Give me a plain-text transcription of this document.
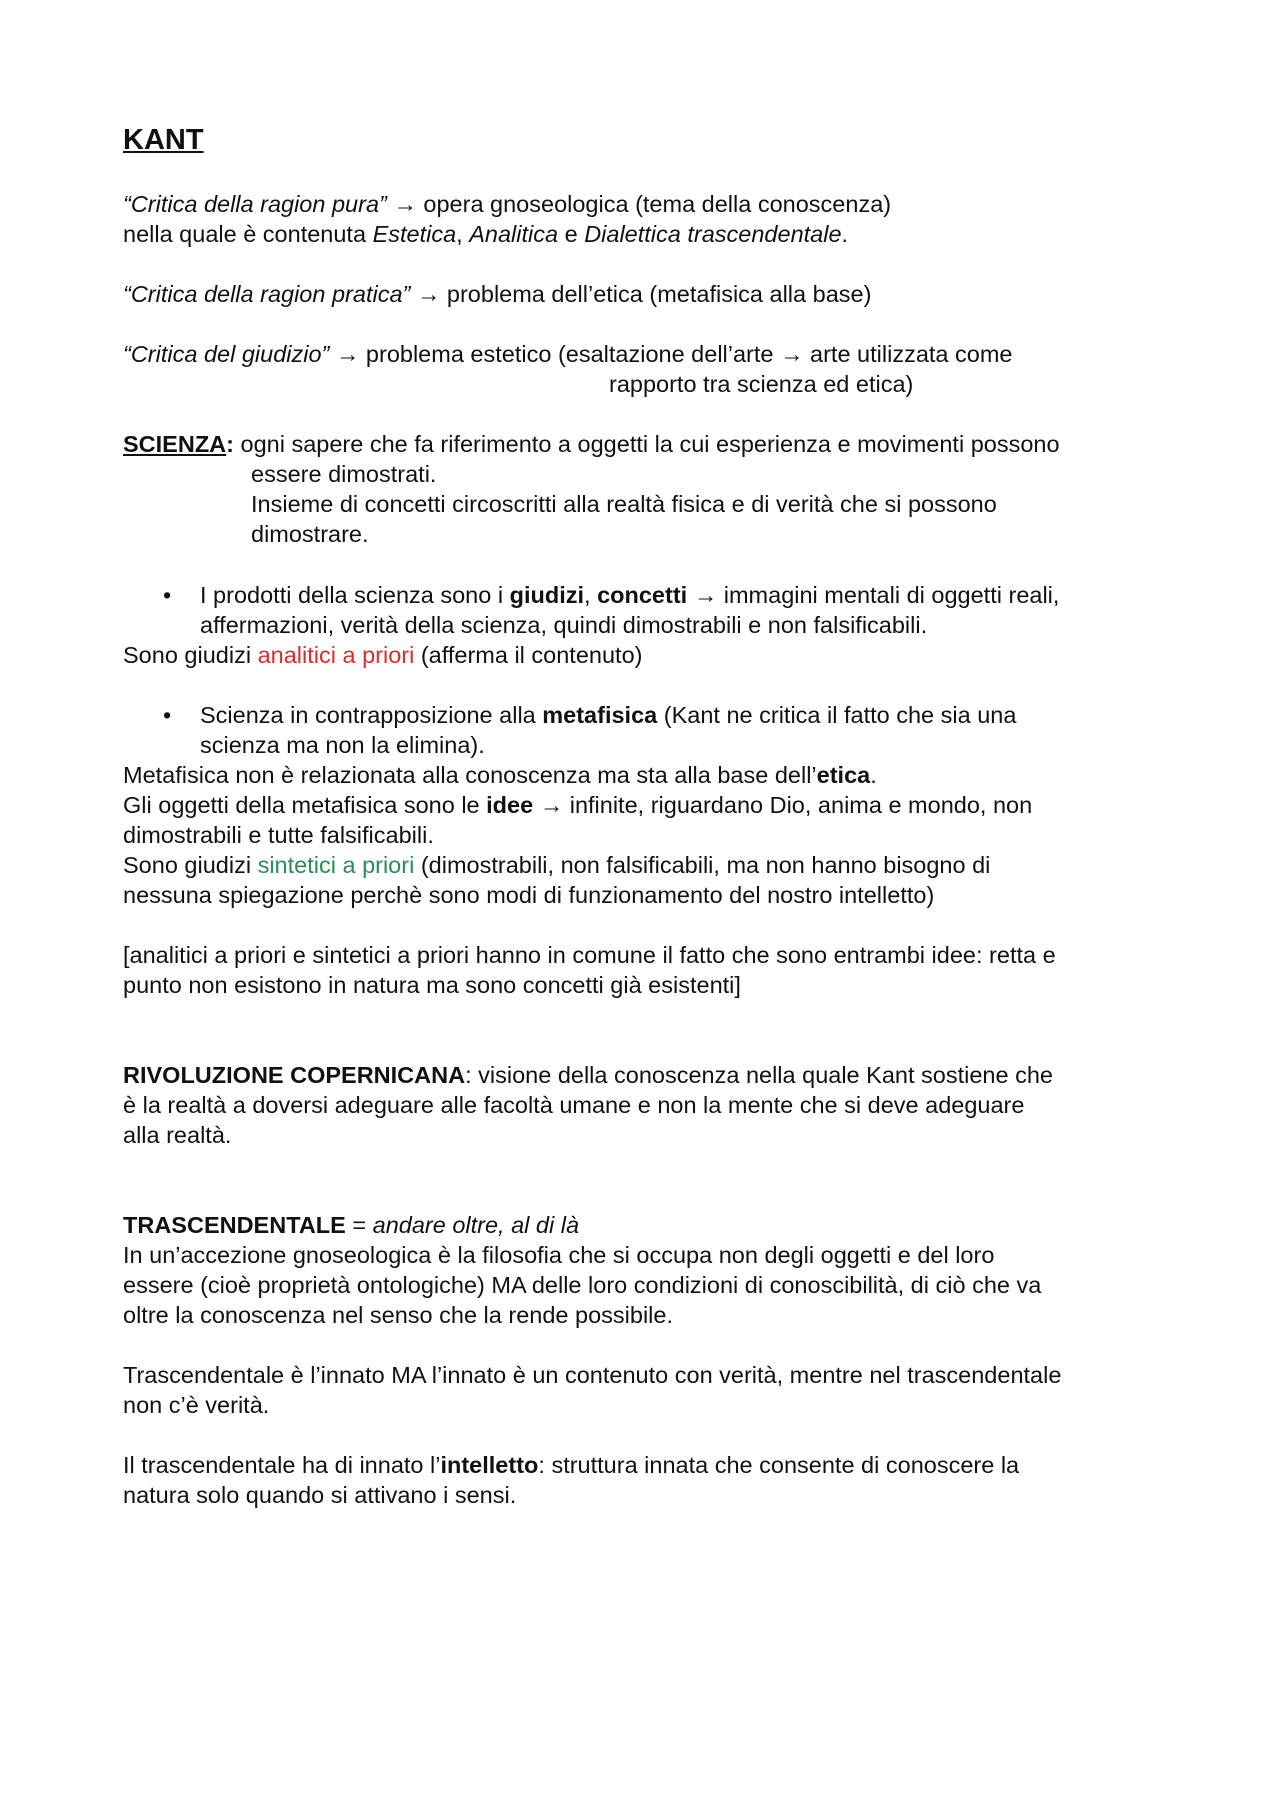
KANT
“Critica della ragion pura” → opera gnoseologica (tema della conoscenza)
nella quale è contenuta Estetica, Analitica e Dialettica trascendentale.
“Critica della ragion pratica” → problema dell’etica (metafisica alla base)
“Critica del giudizio” → problema estetico (esaltazione dell’arte → arte utilizzata come
rapporto tra scienza ed etica)
SCIENZA: ogni sapere che fa riferimento a oggetti la cui esperienza e movimenti possono
essere dimostrati.
Insieme di concetti circoscritti alla realtà fisica e di verità che si possono
dimostrare.
• I prodotti della scienza sono i giudizi, concetti → immagini mentali di oggetti reali,
affermazioni, verità della scienza, quindi dimostrabili e non falsificabili.
Sono giudizi analitici a priori (afferma il contenuto)
• Scienza in contrapposizione alla metafisica (Kant ne critica il fatto che sia una
scienza ma non la elimina).
Metafisica non è relazionata alla conoscenza ma sta alla base dell’etica.
Gli oggetti della metafisica sono le idee → infinite, riguardano Dio, anima e mondo, non
dimostrabili e tutte falsificabili.
Sono giudizi sintetici a priori (dimostrabili, non falsificabili, ma non hanno bisogno di
nessuna spiegazione perchè sono modi di funzionamento del nostro intelletto)
[analitici a priori e sintetici a priori hanno in comune il fatto che sono entrambi idee: retta e
punto non esistono in natura ma sono concetti già esistenti]
RIVOLUZIONE COPERNICANA: visione della conoscenza nella quale Kant sostiene che
è la realtà a doversi adeguare alle facoltà umane e non la mente che si deve adeguare
alla realtà.
TRASCENDENTALE = andare oltre, al di là
In un’accezione gnoseologica è la filosofia che si occupa non degli oggetti e del loro
essere (cioè proprietà ontologiche) MA delle loro condizioni di conoscibilità, di ciò che va
oltre la conoscenza nel senso che la rende possibile.
Trascendentale è l’innato MA l’innato è un contenuto con verità, mentre nel trascendentale
non c’è verità.
Il trascendentale ha di innato l’intelletto: struttura innata che consente di conoscere la
natura solo quando si attivano i sensi.
